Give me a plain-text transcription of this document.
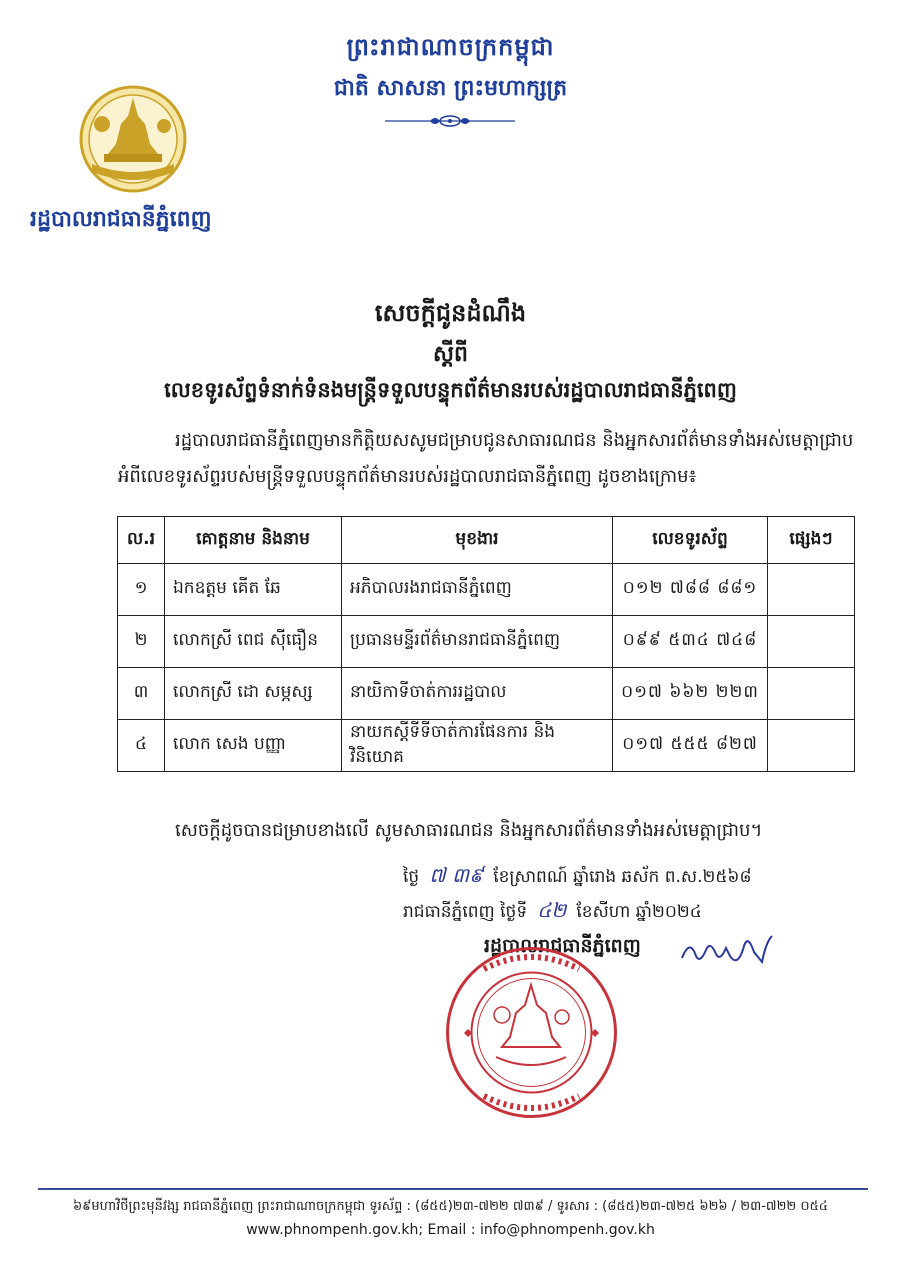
ព្រះរាជាណាចក្រកម្ពុជា
ជាតិ សាសនា ព្រះមហាក្សត្រ
រដ្ឋបាលរាជធានីភ្នំពេញ
សេចក្តីជូនដំណឹង
ស្តីពី
លេខទូរស័ព្ទទំនាក់ទំនងមន្ត្រីទទួលបន្ទុកព័ត៌មានរបស់រដ្ឋបាលរាជធានីភ្នំពេញ
រដ្ឋបាលរាជធានីភ្នំពេញមានកិត្តិយសសូមជម្រាបជូនសាធារណជន និងអ្នកសារព័ត៌មានទាំងអស់មេត្តាជ្រាប
អំពីលេខទូរស័ព្ទរបស់មន្ត្រីទទួលបន្ទុកព័ត៌មានរបស់រដ្ឋបាលរាជធានីភ្នំពេញ ដូចខាងក្រោម៖
ល.រ	គោត្តនាម និងនាម	មុខងារ	លេខទូរស័ព្ទ	ផ្សេងៗ
១	ឯកឧត្តម គើត ឆែ	អភិបាលរងរាជធានីភ្នំពេញ	០១២ ៧៨៨ ៨៨១	
២	លោកស្រី ពេជ ស៊ីធឿន	ប្រធានមន្ទីរព័ត៌មានរាជធានីភ្នំពេញ	០៩៩ ៥៣៤ ៧៤៨	
៣	លោកស្រី ដោ សម្ភស្ស	នាយិកាទីចាត់ការរដ្ឋបាល	០១៧ ៦៦២ ២២៣	
៤	លោក សេង បញ្ញា	នាយកស្តីទីទីចាត់ការផែនការ និងវិនិយោគ	០១៧ ៥៥៥ ៨២៧	
សេចក្តីដូចបានជម្រាបខាងលើ សូមសាធារណជន និងអ្នកសារព័ត៌មានទាំងអស់មេត្តាជ្រាប។
ថ្ងៃ ៧ ៣៩ ខែស្រាពណ៍ ឆ្នាំរោង ឆស័ក ព.ស.២៥៦៨
រាជធានីភ្នំពេញ ថ្ងៃទី ៤២ ខែសីហា ឆ្នាំ២០២៤
រដ្ឋបាលរាជធានីភ្នំពេញ
៦៩មហាវិថីព្រះមុនីវង្ស រាជធានីភ្នំពេញ ព្រះរាជាណាចក្រកម្ពុជា ទូរស័ព្ទ : (៨៥៥)២៣-៧២២ ៧៣៩ / ទូរសារ : (៨៥៥)២៣-៧២៥ ៦២៦ / ២៣-៧២២ ០៥៤
www.phnompenh.gov.kh; Email : info@phnompenh.gov.kh
